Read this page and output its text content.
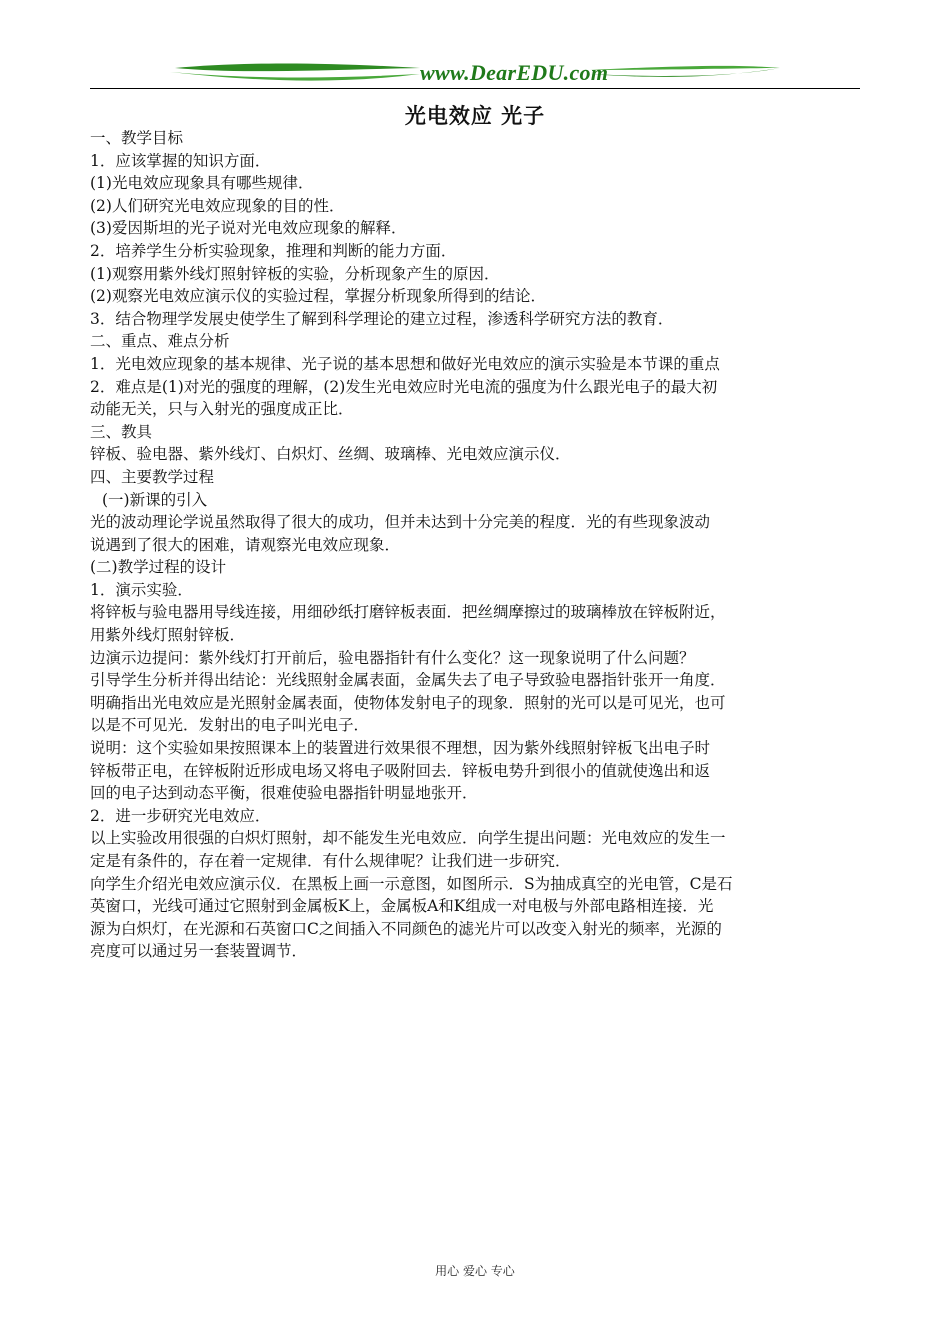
www.DearEDU.com
光电效应 光子

一、教学目标

1．应该掌握的知识方面．

(1)光电效应现象具有哪些规律．

(2)人们研究光电效应现象的目的性．

(3)爱因斯坦的光子说对光电效应现象的解释．

2．培养学生分析实验现象，推理和判断的能力方面．

(1)观察用紫外线灯照射锌板的实验，分析现象产生的原因．

(2)观察光电效应演示仪的实验过程，掌握分析现象所得到的结论．

3．结合物理学发展史使学生了解到科学理论的建立过程，渗透科学研究方法的教育．

二、重点、难点分析

1．光电效应现象的基本规律、光子说的基本思想和做好光电效应的演示实验是本节课的重点

2．难点是(1)对光的强度的理解，(2)发生光电效应时光电流的强度为什么跟光电子的最大初

动能无关，只与入射光的强度成正比．

三、教具

锌板、验电器、紫外线灯、白炽灯、丝绸、玻璃棒、光电效应演示仪．

四、主要教学过程

(一)新课的引入

光的波动理论学说虽然取得了很大的成功，但并未达到十分完美的程度．光的有些现象波动

说遇到了很大的困难，请观察光电效应现象．

(二)教学过程的设计

1．演示实验．

将锌板与验电器用导线连接，用细砂纸打磨锌板表面．把丝绸摩擦过的玻璃棒放在锌板附近，

用紫外线灯照射锌板．

边演示边提问：紫外线灯打开前后，验电器指针有什么变化？这一现象说明了什么问题？

引导学生分析并得出结论：光线照射金属表面，金属失去了电子导致验电器指针张开一角度．

明确指出光电效应是光照射金属表面，使物体发射电子的现象．照射的光可以是可见光，也可

以是不可见光．发射出的电子叫光电子．

说明：这个实验如果按照课本上的装置进行效果很不理想，因为紫外线照射锌板飞出电子时

锌板带正电，在锌板附近形成电场又将电子吸附回去．锌板电势升到很小的值就使逸出和返

回的电子达到动态平衡，很难使验电器指针明显地张开．

2．进一步研究光电效应．

以上实验改用很强的白炽灯照射，却不能发生光电效应．向学生提出问题：光电效应的发生一

定是有条件的，存在着一定规律．有什么规律呢？让我们进一步研究．

向学生介绍光电效应演示仪．在黑板上画一示意图，如图所示．S为抽成真空的光电管，C是石

英窗口，光线可通过它照射到金属板K上，金属板A和K组成一对电极与外部电路相连接．光

源为白炽灯，在光源和石英窗口C之间插入不同颜色的滤光片可以改变入射光的频率，光源的

亮度可以通过另一套装置调节．

用心 爱心 专心
